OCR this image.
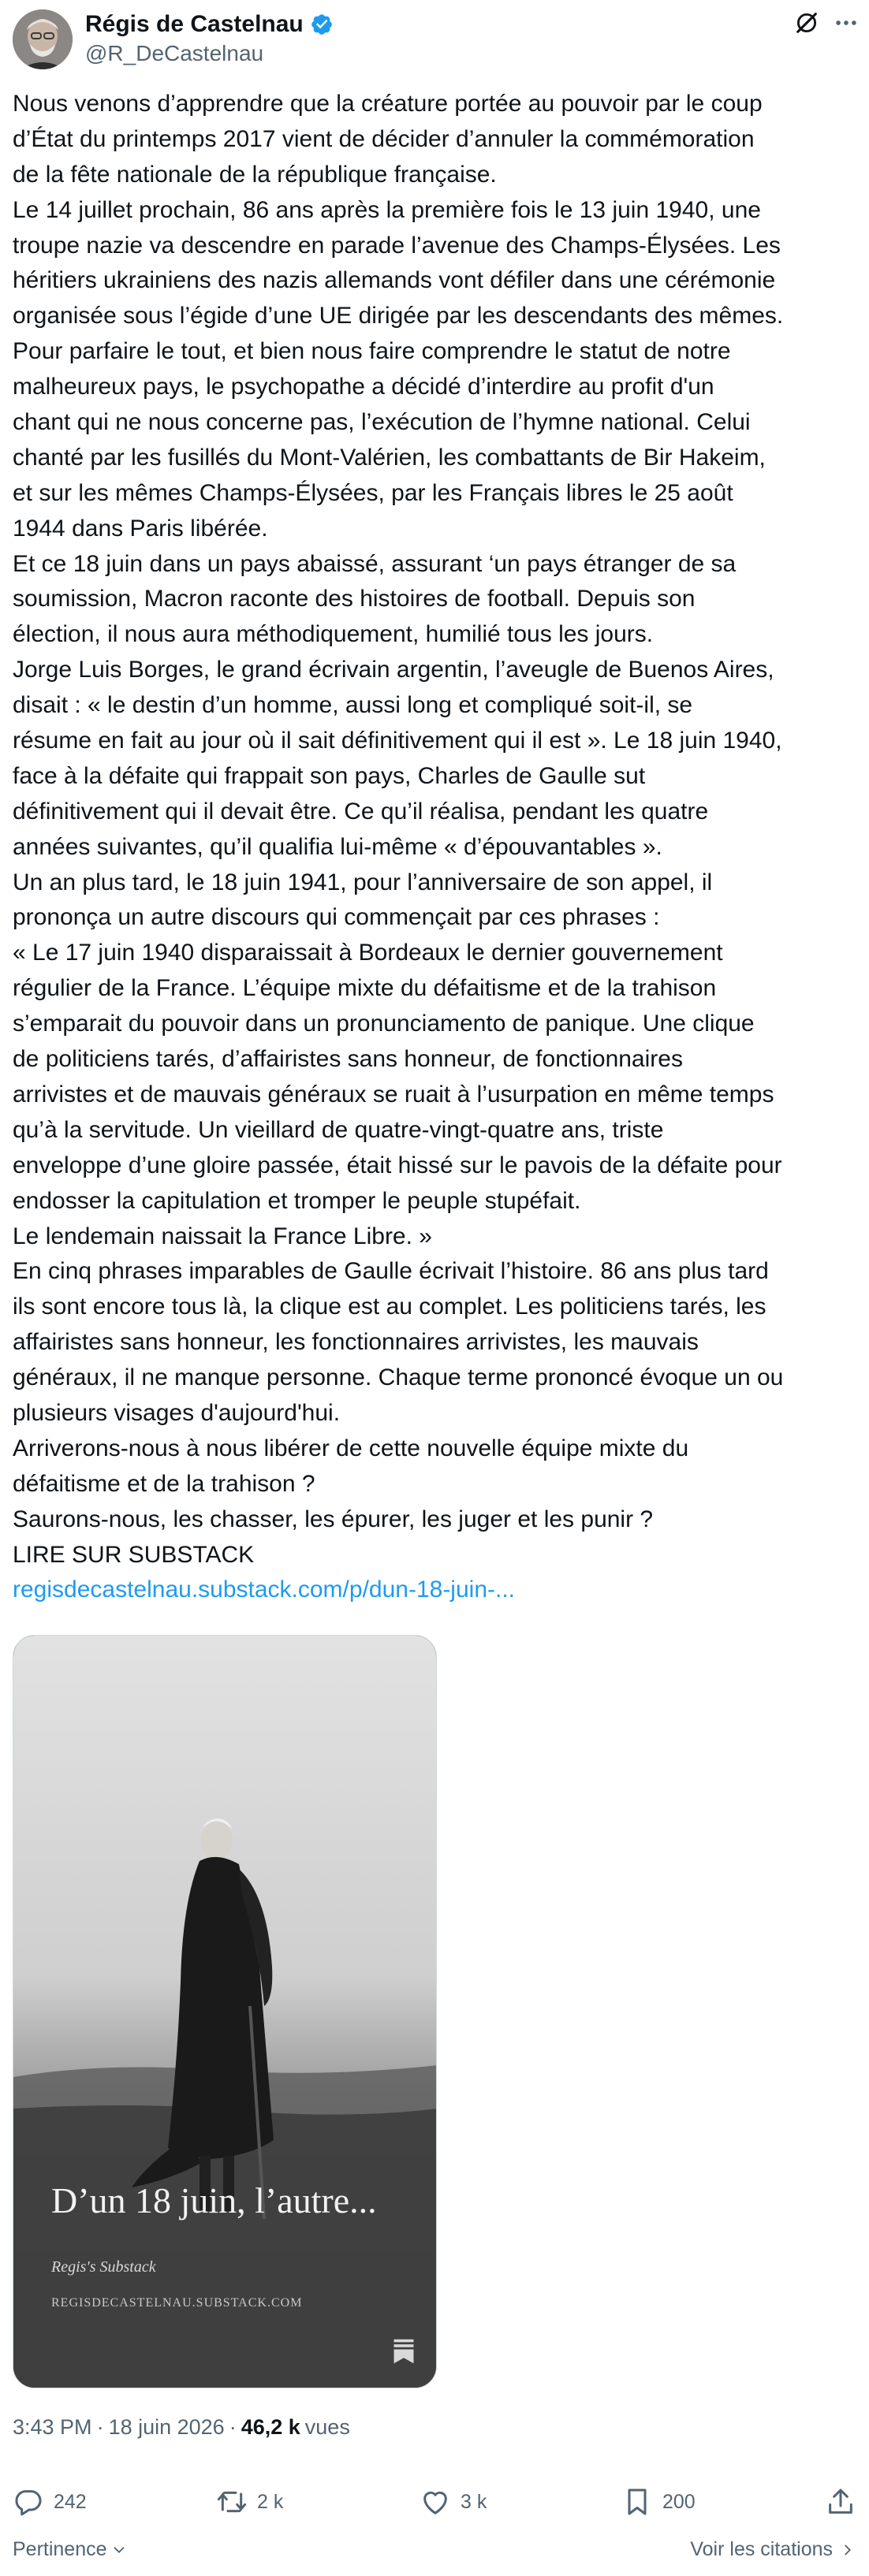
Régis de Castelnau
@R_DeCastelnau
Nous venons d’apprendre que la créature portée au pouvoir par le coup
d’État du printemps 2017 vient de décider d’annuler la commémoration
de la fête nationale de la république française.
Le 14 juillet prochain, 86 ans après la première fois le 13 juin 1940, une
troupe nazie va descendre en parade l’avenue des Champs-Élysées. Les
héritiers ukrainiens des nazis allemands vont défiler dans une cérémonie
organisée sous l’égide d’une UE dirigée par les descendants des mêmes.
Pour parfaire le tout, et bien nous faire comprendre le statut de notre
malheureux pays, le psychopathe a décidé d’interdire au profit d'un
chant qui ne nous concerne pas, l’exécution de l’hymne national. Celui
chanté par les fusillés du Mont-Valérien, les combattants de Bir Hakeim,
et sur les mêmes Champs-Élysées, par les Français libres le 25 août
1944 dans Paris libérée.
Et ce 18 juin dans un pays abaissé, assurant ‘un pays étranger de sa
soumission, Macron raconte des histoires de football. Depuis son
élection, il nous aura méthodiquement, humilié tous les jours.
Jorge Luis Borges, le grand écrivain argentin, l’aveugle de Buenos Aires,
disait : « le destin d’un homme, aussi long et compliqué soit-il, se
résume en fait au jour où il sait définitivement qui il est ». Le 18 juin 1940,
face à la défaite qui frappait son pays, Charles de Gaulle sut
définitivement qui il devait être. Ce qu’il réalisa, pendant les quatre
années suivantes, qu’il qualifia lui-même « d’épouvantables ».
Un an plus tard, le 18 juin 1941, pour l’anniversaire de son appel, il
prononça un autre discours qui commençait par ces phrases :
« Le 17 juin 1940 disparaissait à Bordeaux le dernier gouvernement
régulier de la France. L’équipe mixte du défaitisme et de la trahison
s’emparait du pouvoir dans un pronunciamento de panique. Une clique
de politiciens tarés, d’affairistes sans honneur, de fonctionnaires
arrivistes et de mauvais généraux se ruait à l’usurpation en même temps
qu’à la servitude. Un vieillard de quatre-vingt-quatre ans, triste
enveloppe d’une gloire passée, était hissé sur le pavois de la défaite pour
endosser la capitulation et tromper le peuple stupéfait.
Le lendemain naissait la France Libre. »
En cinq phrases imparables de Gaulle écrivait l’histoire. 86 ans plus tard
ils sont encore tous là, la clique est au complet. Les politiciens tarés, les
affairistes sans honneur, les fonctionnaires arrivistes, les mauvais
généraux, il ne manque personne. Chaque terme prononcé évoque un ou
plusieurs visages d'aujourd'hui.
Arriverons-nous à nous libérer de cette nouvelle équipe mixte du
défaitisme et de la trahison ?
Saurons-nous, les chasser, les épurer, les juger et les punir ?
LIRE SUR SUBSTACK
regisdecastelnau.substack.com/p/dun-18-juin-...
D’un 18 juin, l’autre...
Regis's Substack
REGISDECASTELNAU.SUBSTACK.COM
3:43 PM · 18 juin 2026 · 46,2 k vues
242	2 k	3 k	200
Pertinence	Voir les citations
